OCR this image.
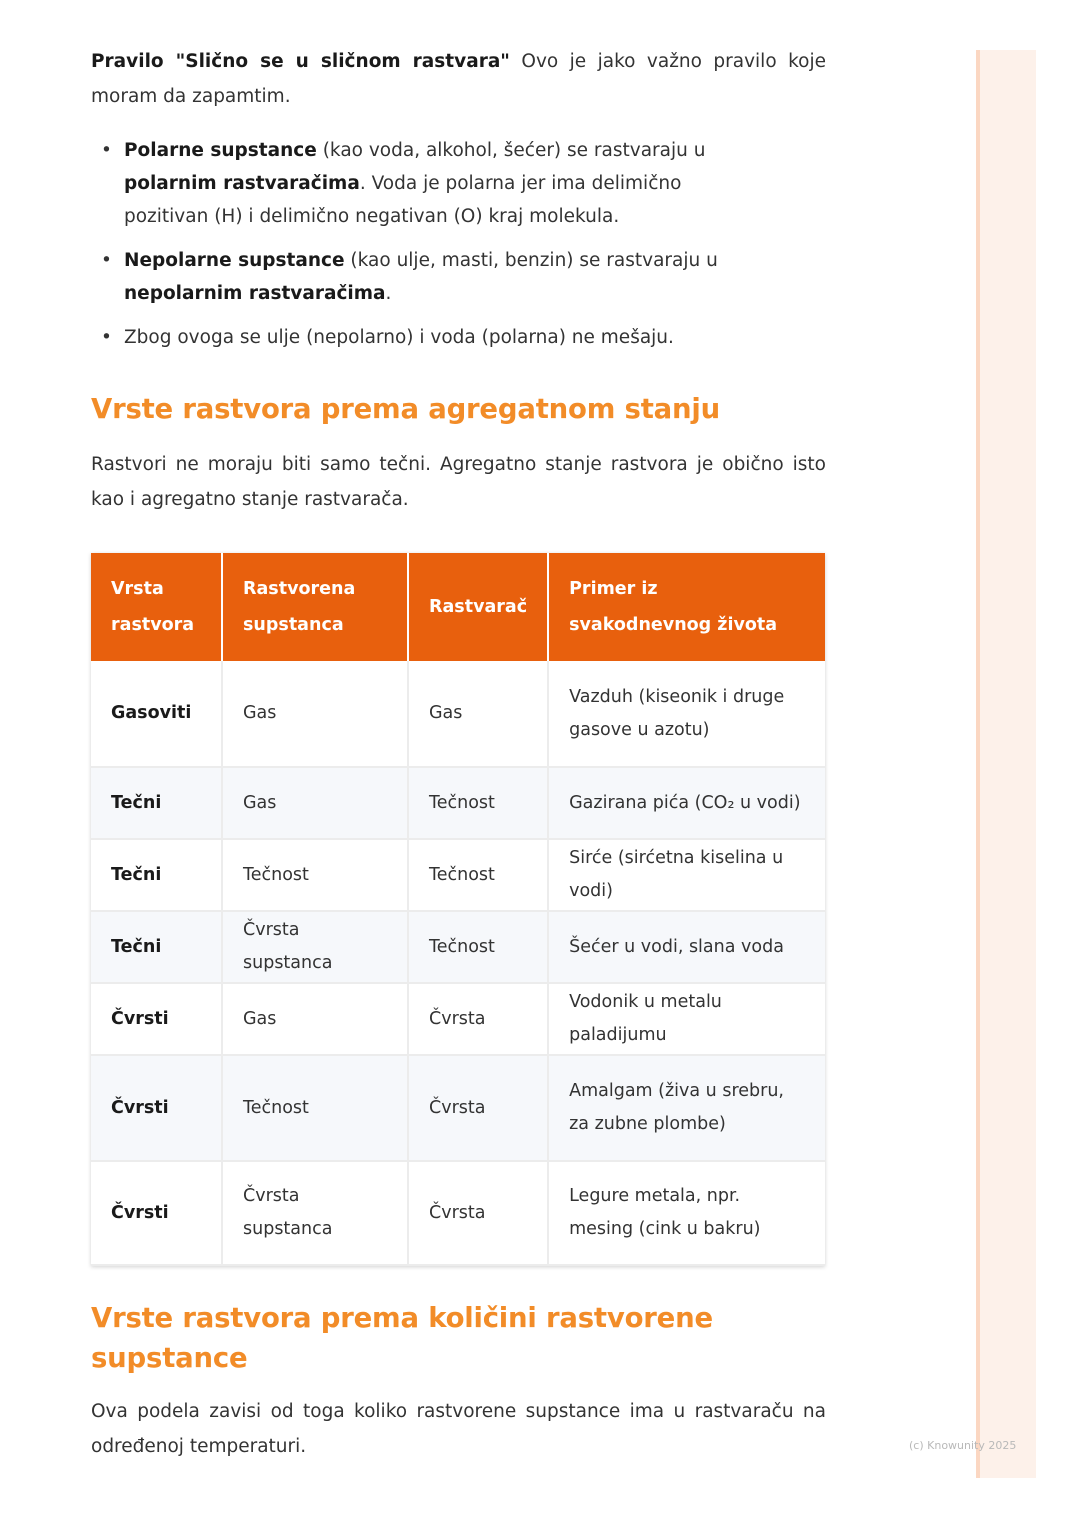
Pravilo "Slično se u sličnom rastvara" Ovo je jako važno pravilo koje moram da zapamtim.

• Polarne supstance (kao voda, alkohol, šećer) se rastvaraju u polarnim rastvaračima. Voda je polarna jer ima delimično pozitivan (H) i delimično negativan (O) kraj molekula.
• Nepolarne supstance (kao ulje, masti, benzin) se rastvaraju u nepolarnim rastvaračima.
• Zbog ovoga se ulje (nepolarno) i voda (polarna) ne mešaju.
Vrste rastvora prema agregatnom stanju

Rastvori ne moraju biti samo tečni. Agregatno stanje rastvora je obično isto kao i agregatno stanje rastvarača.

Vrsta rastvora	Rastvorena supstanca	Rastvarač	Primer iz svakodnevnog života
Gasoviti	Gas	Gas	Vazduh (kiseonik i druge gasove u azotu)
Tečni	Gas	Tečnost	Gazirana pića (CO₂ u vodi)
Tečni	Tečnost	Tečnost	Sirće (sirćetna kiselina u vodi)
Tečni	Čvrsta supstanca	Tečnost	Šećer u vodi, slana voda
Čvrsti	Gas	Čvrsta	Vodonik u metalu paladijumu
Čvrsti	Tečnost	Čvrsta	Amalgam (živa u srebru, za zubne plombe)
Čvrsti	Čvrsta supstanca	Čvrsta	Legure metala, npr. mesing (cink u bakru)
Vrste rastvora prema količini rastvorene supstance

Ova podela zavisi od toga koliko rastvorene supstance ima u rastvaraču na određenoj temperaturi.	(c) Knowunity 2025
